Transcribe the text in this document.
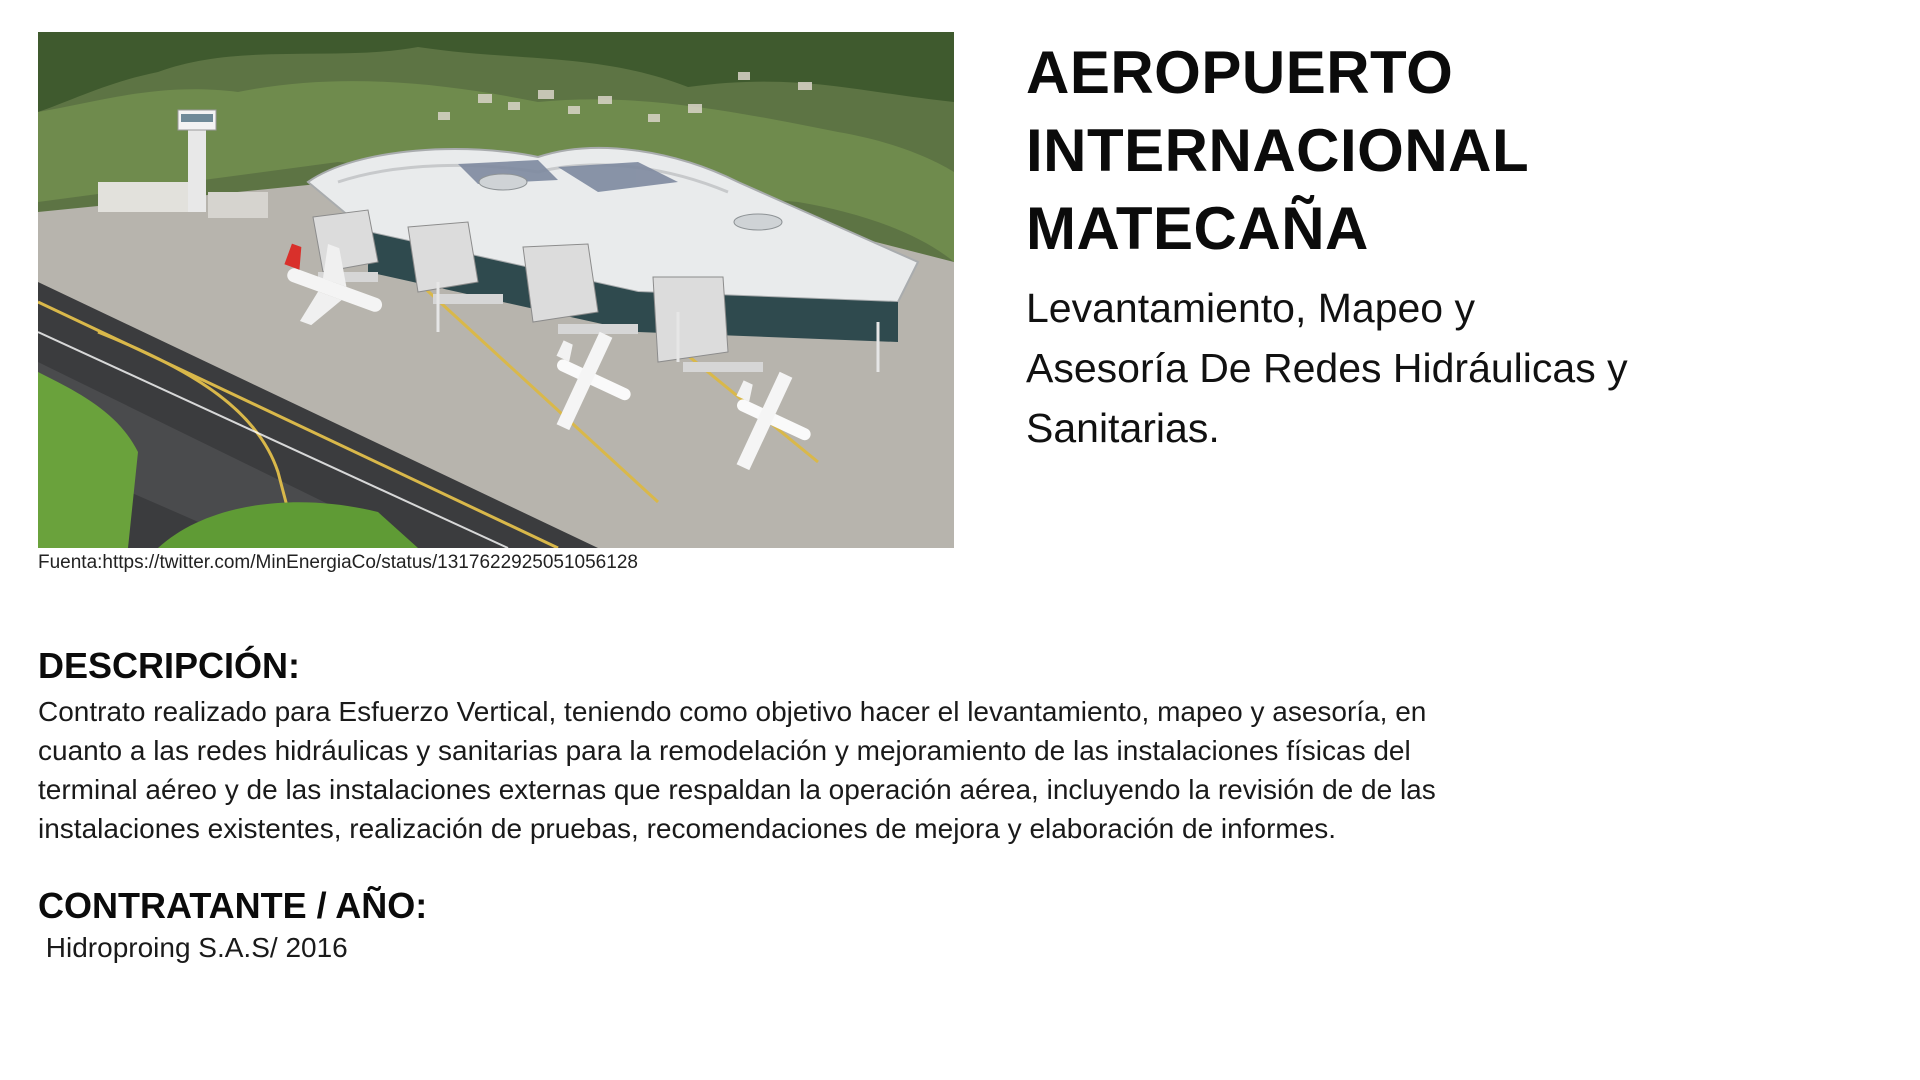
Fuenta:https://twitter.com/MinEnergiaCo/status/1317622925051056128
AEROPUERTO
INTERNACIONAL
MATECAÑA
Levantamiento, Mapeo y
Asesoría De Redes Hidráulicas y
Sanitarias.
DESCRIPCIÓN:

Contrato realizado para Esfuerzo Vertical, teniendo como objetivo hacer el levantamiento, mapeo y asesoría, en
cuanto a las redes hidráulicas y sanitarias para la remodelación y mejoramiento de las instalaciones físicas del
terminal aéreo y de las instalaciones externas que respaldan la operación aérea, incluyendo la revisión de de las
instalaciones existentes, realización de pruebas, recomendaciones de mejora y elaboración de informes.

CONTRATANTE / AÑO:

Hidroproing S.A.S/ 2016
